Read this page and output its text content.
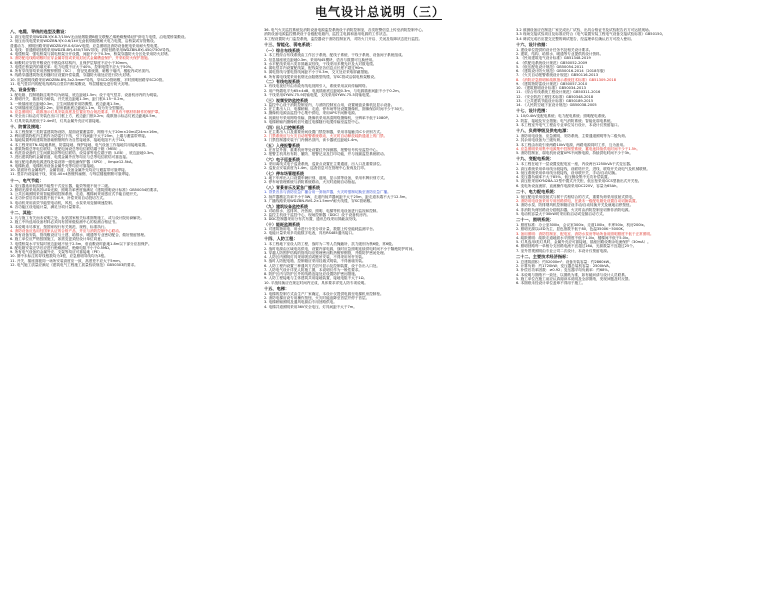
电气设计总说明（三）
八、电缆、导线的选型及敷设：
1. 高压电缆采用WDZB-YJY-8.7/15kV无卤低烟阻燃B级交联聚乙烯绝缘聚烯烃护套电力电缆，沿电缆桥架敷设。
2. 低压出线电缆采用WDZBN-YJY-0.6/1kV无卤低烟阻燃耐火电力电缆，沿桥架或穿管敷设。
普通动力、照明回路采用WDZB-YJY-0.6/1kV电缆；应急照明及消防设备配电采用耐火型电缆。
3. 电线：普通照明回路采用WDZB-BYJ-450/750V导线；消防回路采用WDZBN-BYJ-450/750V导线。
4. 电缆桥架：强电桥架与弱电桥架分开设置，间距不小于0.3m，桥架穿越防火分区处采用防火封堵。
5. 消防配电线路明敷时应穿金属导管或采用封闭式金属槽盒保护，并采取防火保护措施。
6. 暗敷时应穿管并敷设在不燃烧体结构内，且保护层厚度不应小于30mm。
7. 电缆在桥架内的填充率：电力电缆不应大于40%，控制电缆不应大于50%。
8. 所有穿线管均采用热镀锌钢管（SC），管径见系统图，暗敷于墙内、楼板内或吊顶内。
9. 线路穿越建筑物变形缝时应设置补偿装置，穿越防火墙处应进行防火封堵。
10. 应急照明线路采用WDZBN-BYJ-3x2.5mm²导线，穿SC20管暗敷，平时照明回路穿SC20管。
11. 电气竖井内的配电线路均沿竖井内桥架敷设，每层楼板处进行防火封堵。
九、设备安装：
1. 配电箱、控制箱除注明外均为暗装，底边距地1.5m；设于电气竖井、设备机房内的为明装。
2. 照明开关、插座均为暗装，开关底边距地1.3m，距门框0.15~0.2m。
3. 一般插座底边距地0.3m，卫生间插座采用防溅型，底边距地1.5m。
4. 空调插座底边距地2.2m，厨房插座底边距地1.1m，均为安全型插座。
5. 应急照明灯、疏散指示灯具安装高度及位置应符合规范要求，并具有不燃材料制作的保护罩。
6. 安全出口标志灯安装在出口门框上方，底边距门框0.2m；疏散指示标志灯底边距地0.5m。
7. 灯具安装高度低于2.4m时，灯具金属外壳应可靠接地。
十、防雷及接地：
1. 本工程按第三类防雷建筑物设防，屋面设置避雷带，网格不大于20m×20m或24m×16m。
2. 利用建筑物柱内主筋作为防雷引下线，引下线间距不大于25m，上端与避雷带焊接。
3. 接地装置利用建筑物基础钢筋网作为自然接地体，接地电阻不大于1Ω。
4. 本工程采用TN-S接地系统，防雷接地、保护接地、电气设备工作接地共用接地装置。
5. 建筑物做总等电位联结，在配电间设总等电位联结端子箱（MEB）。
6. 有洗浴设备的卫生间做局部等电位联结，设局部等电位端子箱（LEB），底边距地0.3m。
7. 进出建筑物的金属管道、电缆金属外皮等均应与总等电位联结可靠连接。
8. 低压配电系统电源进线处装设第一级电涌保护器（SPD），Iimp≥12.5kA。
9. 电梯轨道、电梯机房设备金属外壳等均应可靠接地。
10. 屋面所有金属构件、金属管道、设备金属外壳均应与避雷带可靠焊接。
11. 竖井内设接地干线，采用-40×4热镀锌扁钢，与每层楼板钢筋可靠焊接。
十一、电气节能：
1. 变压器选用低损耗节能型干式变压器，能效等级不低于二级。
2. 照明光源采用高效LED光源，照明功率密度值满足《建筑照明设计标准》GB50034的要求。
3. 公共区域照明采用智能照明控制系统，走道、楼梯间采用感应式节能自熄开关。
4. 无功补偿后功率因数不低于0.9，补偿采用自动投切方式。
5. 电动机采用高效节能型电动机，风机、水泵采用变频调速控制。
6. 各功能区设电能计量，满足分项计量要求。
十二、其他：
1. 凡与施工有关而未说明之处，参见国家相关标准图集施工，或与设计院协商解决。
2. 施工中所选用设备材料必须具有国家级检测中心的检测合格证书。
3. 本说明未尽事宜，按国家现行有关规范、规程、标准执行。
4. 消防设备应选用经国家认证的合格产品，并应与消防控制中心联动。
5. 所有设备安装、管线敷设应与土建、给排水、暖通等专业密切配合，做好预留预埋。
6. 施工单位应严格按图施工，如需变更须经设计单位同意。
7. 电缆桥架水平安装时底边距地不低于2.5m，垂直敷设时距地1.8m以下部分应加保护。
8. 配电箱安装完毕后应进行绝缘测试，绝缘电阻不小于0.5MΩ。
9. 所有电气设备的金属外壳、支架等均应可靠接地（PE）。
10. 图中未标注的导线根数均为3根，应急照明导线均为3根。
11. 开关、插座面板同一场所安装高度应一致，高度差不应大于5mm。
12. 电气施工质量应满足《建筑电气工程施工质量验收规范》GB50303的要求。
36. 电气火灾监控系统及消防设备电源监控系统设于消防控制室，各类报警信息上传至消防控制中心。
消防设备电源监控模块设于各级配电箱内，监控主电源和备用电源的工作状态。
本工程设置防火门监控系统，监控器设于消防控制室内，对防火门开启、关闭及故障状态进行监控。
十三、智能化、弱电系统：
（一）综合布线系统
1. 本工程综合布线系统由工作区子系统、配线子系统、干线子系统、设备间子系统组成。
2. 信息插座底边距地0.3m，采用RJ45模块，语音与数据可互换使用。
3. 水平配线采用六类非屏蔽双绞线，干线采用多模光纤及大对数电缆。
4. 弱电竖井内设置配线架，配线架至各信息点长度不超过90m。
5. 弱电管线与强电管线间距不小于0.3m，交叉处应采取屏蔽措施。
6. 所有弱电线缆采用低烟无卤阻燃型线缆，穿SC管或沿弱电桥架敷设。
（二）有线电视系统
1. 有线电视信号由市政有线电视网引入，系统采用双向传输网络。
2. 用户终端电平为65±4dB，电视插座底边距地0.3m，与电源插座间距不小于0.2m。
3. 干线采用SYWV-75-9同轴电缆，支线采用SYWV-75-5同轴电缆。
（三）视频安防监控系统
1. 监控中心设于消防控制室内，与消防控制室合用，设置硬盘录像机及显示设备。
2. 在主要出入口、电梯轿厢、走道、停车场等处设置摄像机，图像保存时间不少于30天。
3. 摄像机电源由监控中心集中供电，采用UPS不间断电源。
4. 视频信号采用网络传输，摄像机采用高清网络摄像机，分辨率不低于1080P。
5. 电梯轿厢内摄像机信号通过电梯随行电缆传输至监控中心。
（四）出入口控制系统
1. 在主要出入口及重要房间设置门禁控制器，采用非接触式IC卡识别方式。
2. 门禁系统应与火灾自动报警系统联动，火灾时自动释放疏散通道上的门禁。
3. 门禁控制器安装于门内侧吊顶内，读卡器底边距地1.4m。
（五）入侵报警系统
1. 在首层外窗、重要机房等处设置红外探测器，报警信号传至监控中心。
2. 报警主机具有布防、撤防、报警记录及打印功能，并与视频监控系统联动。
（六）电子巡查系统
1. 采用离线式电子巡查系统，巡查点设置在主要通道、出入口及重要部位。
2. 巡查点安装高度为1.4m，巡查信息可在管理中心查询及打印。
（七）停车场管理系统
1. 地下车库出入口设置车辆识别、道闸、显示屏等设备，采用车牌识别方式。
2. 停车场管理系统与消防系统联动，火灾时道闸自动抬起。
（八）背景音乐及紧急广播系统
1. 背景音乐与消防应急广播合用一套扬声器，火灾时强制切换至消防应急广播。
2. 扬声器额定功率不小于3W，走道内扬声器间距不大于25m，距走道末端不大于12.5m。
3. 广播线路采用WDZBN-RVS-2×1.5mm²耐火线缆，穿SC管暗敷。
（九）建筑设备监控系统
1. 对给排水、送排风、冷热源、照明、电梯等机电设备进行监视和控制。
2. 监控主机设于监控中心，现场控制器（DDC）设于设备机房内。
3. DDC控制器采用分布式布置，通讯总线采用屏蔽双绞线。
（十）能耗监测系统
1. 对建筑物用电、用水进行分类分项计量，数据上传至能耗监测平台。
2. 电能计量采用多功能数字电表，具有RS485通讯接口。
十四、人防工程：
1. 本工程地下室设人防工程，战时为二等人员掩蔽所，抗力级别为核6级、常6级。
2. 战时电源由区域电站供电，设置内部电源，战时应急照明连续供电时间不小于隔绝防护时间。
3. 穿越人防围护结构的管线均应预埋密闭肋热镀锌钢管，并做防护密闭处理。
4. 人防区内照明灯具采用吸顶或链吊安装，不得采用吊杆安装。
5. 战时人防配电箱、控制箱应采用挂墙式明装，不得嵌墙安装。
6. 人防工程内设置三种通风方式信号显示及控制装置，设于各出入口处。
7. 人防电气设计详见人防施工图，本说明仅作为一般性要求。
8. 防护区内与防护区外的线路连接处应设置防护密闭措施。
9. 人防工程接地与主体建筑共用接地装置，接地电阻不大于1Ω。
10. 平战转换应在规定时间内完成，具体要求详见人防专项说明。
十五、电梯：
1. 电梯的控制方式由生产厂家确定，本设计仅提供电源至电梯机房控制柜。
2. 消防电梯应设专用操作按钮，火灾时能迫降至首层并停于首层。
3. 电梯轿厢照明及通风电源由专用回路供电。
4. 电梯井道照明采用36V安全电压，灯具间距不大于7m。
3.2 被测设备应在制造厂家完成出厂试验，出具合格证书及试验报告后方可运抵现场。
3.3 现场交接试验项目及标准应符合《电气装置安装工程电气设备交接试验标准》GB50150。
3.4 调试完成后应提交完整的调试报告，经监理单位确认后方可投入使用。
十六、设计依据：
1. 建设单位提供的设计任务书及相关设计要求。
2. 建筑、结构、给排水、暖通等专业提供的设计资料。
3. 《民用建筑电气设计标准》GB51348-2019
4. 《供配电系统设计规范》GB50052-2009
5. 《低压配电设计规范》GB50054-2011
6. 《建筑设计防火规范》GB50016-2014（2018年版）
7. 《火灾自动报警系统设计规范》GB50116-2013
8. 《消防应急照明和疏散指示系统技术标准》GB51309-2018
9. 《建筑物防雷设计规范》GB50057-2010
10. 《建筑照明设计标准》GB50034-2013
11. 《综合布线系统工程设计规范》GB50311-2016
12. 《安全防范工程技术标准》GB50348-2018
13. 《公共建筑节能设计标准》GB50189-2015
14. 《人民防空地下室设计规范》GB50038-2005
十七、设计范围：
1. 10/0.4kV变配电系统；电力配电系统；照明配电系统。
2. 防雷、接地及安全措施；电气消防系统；智能化弱电系统。
3. 本工程室外电气工程由专业单位另行设计，本设计仅预留接口。
十八、负荷等级及供电电源：
1. 消防用电设备、应急照明、安防系统、主要通道照明等为二级负荷。
2. 其余用电设备为三级负荷。
3. 本工程由市政引来两路10kV电源，两路电源同时工作，互为备用。
4. 应急照明采用集中电源集中控制型系统，蓄电池持续供电时间不少于1.5h。
5. 消防控制室、弱电机房设置UPS不间断电源，持续供电时间不少于3h。
十九、变配电系统：
1. 本工程在地下一层设置变配电室一座，内设两台1250kVA干式变压器。
2. 高压系统采用单母线分段接线，设联络开关，进线、联络开关设电气及机械联锁。
3. 低压系统采用单母线分段接线，设母联开关，手动/自动切换。
4. 变压器负载率不大于85%，低压侧设集中无功补偿装置。
5. 高压柜采用KYN28A-12型中置式开关柜，低压柜采用GCS型抽出式开关柜。
6. 变电所设直流屏，直流操作电源采用DC220V，容量为65Ah。
二十、电力配电系统：
1. 低压配电采用放射式与树干式相结合的方式，重要负荷采用放射式供电。
2. 消防用电设备采用专用回路供电，在最末一级配电箱处设置自动切换装置。
3. 消防水泵、防排烟风机控制箱应设手动/自动转换开关及就地启停按钮。
4. 非消防负荷回路设分励脱扣器，火灾时由消防控制室切断非消防电源。
5. 电动机容量大于30kW时采用软启动或变频启动方式。
二十一、照明系统：
1. 照度标准：办公室300lx，会议室300lx，走道100lx，车库50lx，机房200lx。
2. 照明光源以LED为主，显色指数不低于80，色温3500K~5000K。
3. 备用照明：消防控制室、配电室、消防水泵房等场所备用照明照度不低于正常照明。
4. 疏散照明：疏散走道地面水平照度不低于1.0lx，楼梯间不低于5.0lx。
5. 灯具选用Ⅰ类灯具时，金属外壳应可靠接地，插座回路设剩余电流保护（30mA）。
6. 照明回路每一单相分支回路电流不宜超过16A，光源数量不宜超过25个。
7. 室外景观照明由专业公司二次设计，本设计仅预留电源。
二十二、主要技术经济指标：
1. 总建筑面积：约52000m²；设备安装容量：约2860kW。
2. 计算负荷：约1720kW；变压器总装机容量：2500kVA。
3. 补偿后功率因数：≥0.92；变压器平均负载率：约68%。
4. 本说明与图纸不一致处，以图纸为准，如有疑问请与设计人员联系。
5. 施工单位在施工前应认真阅读本说明及全部图纸，发现问题及时反馈。
6. 本图纸未经设计单位盖章不得用于施工。
